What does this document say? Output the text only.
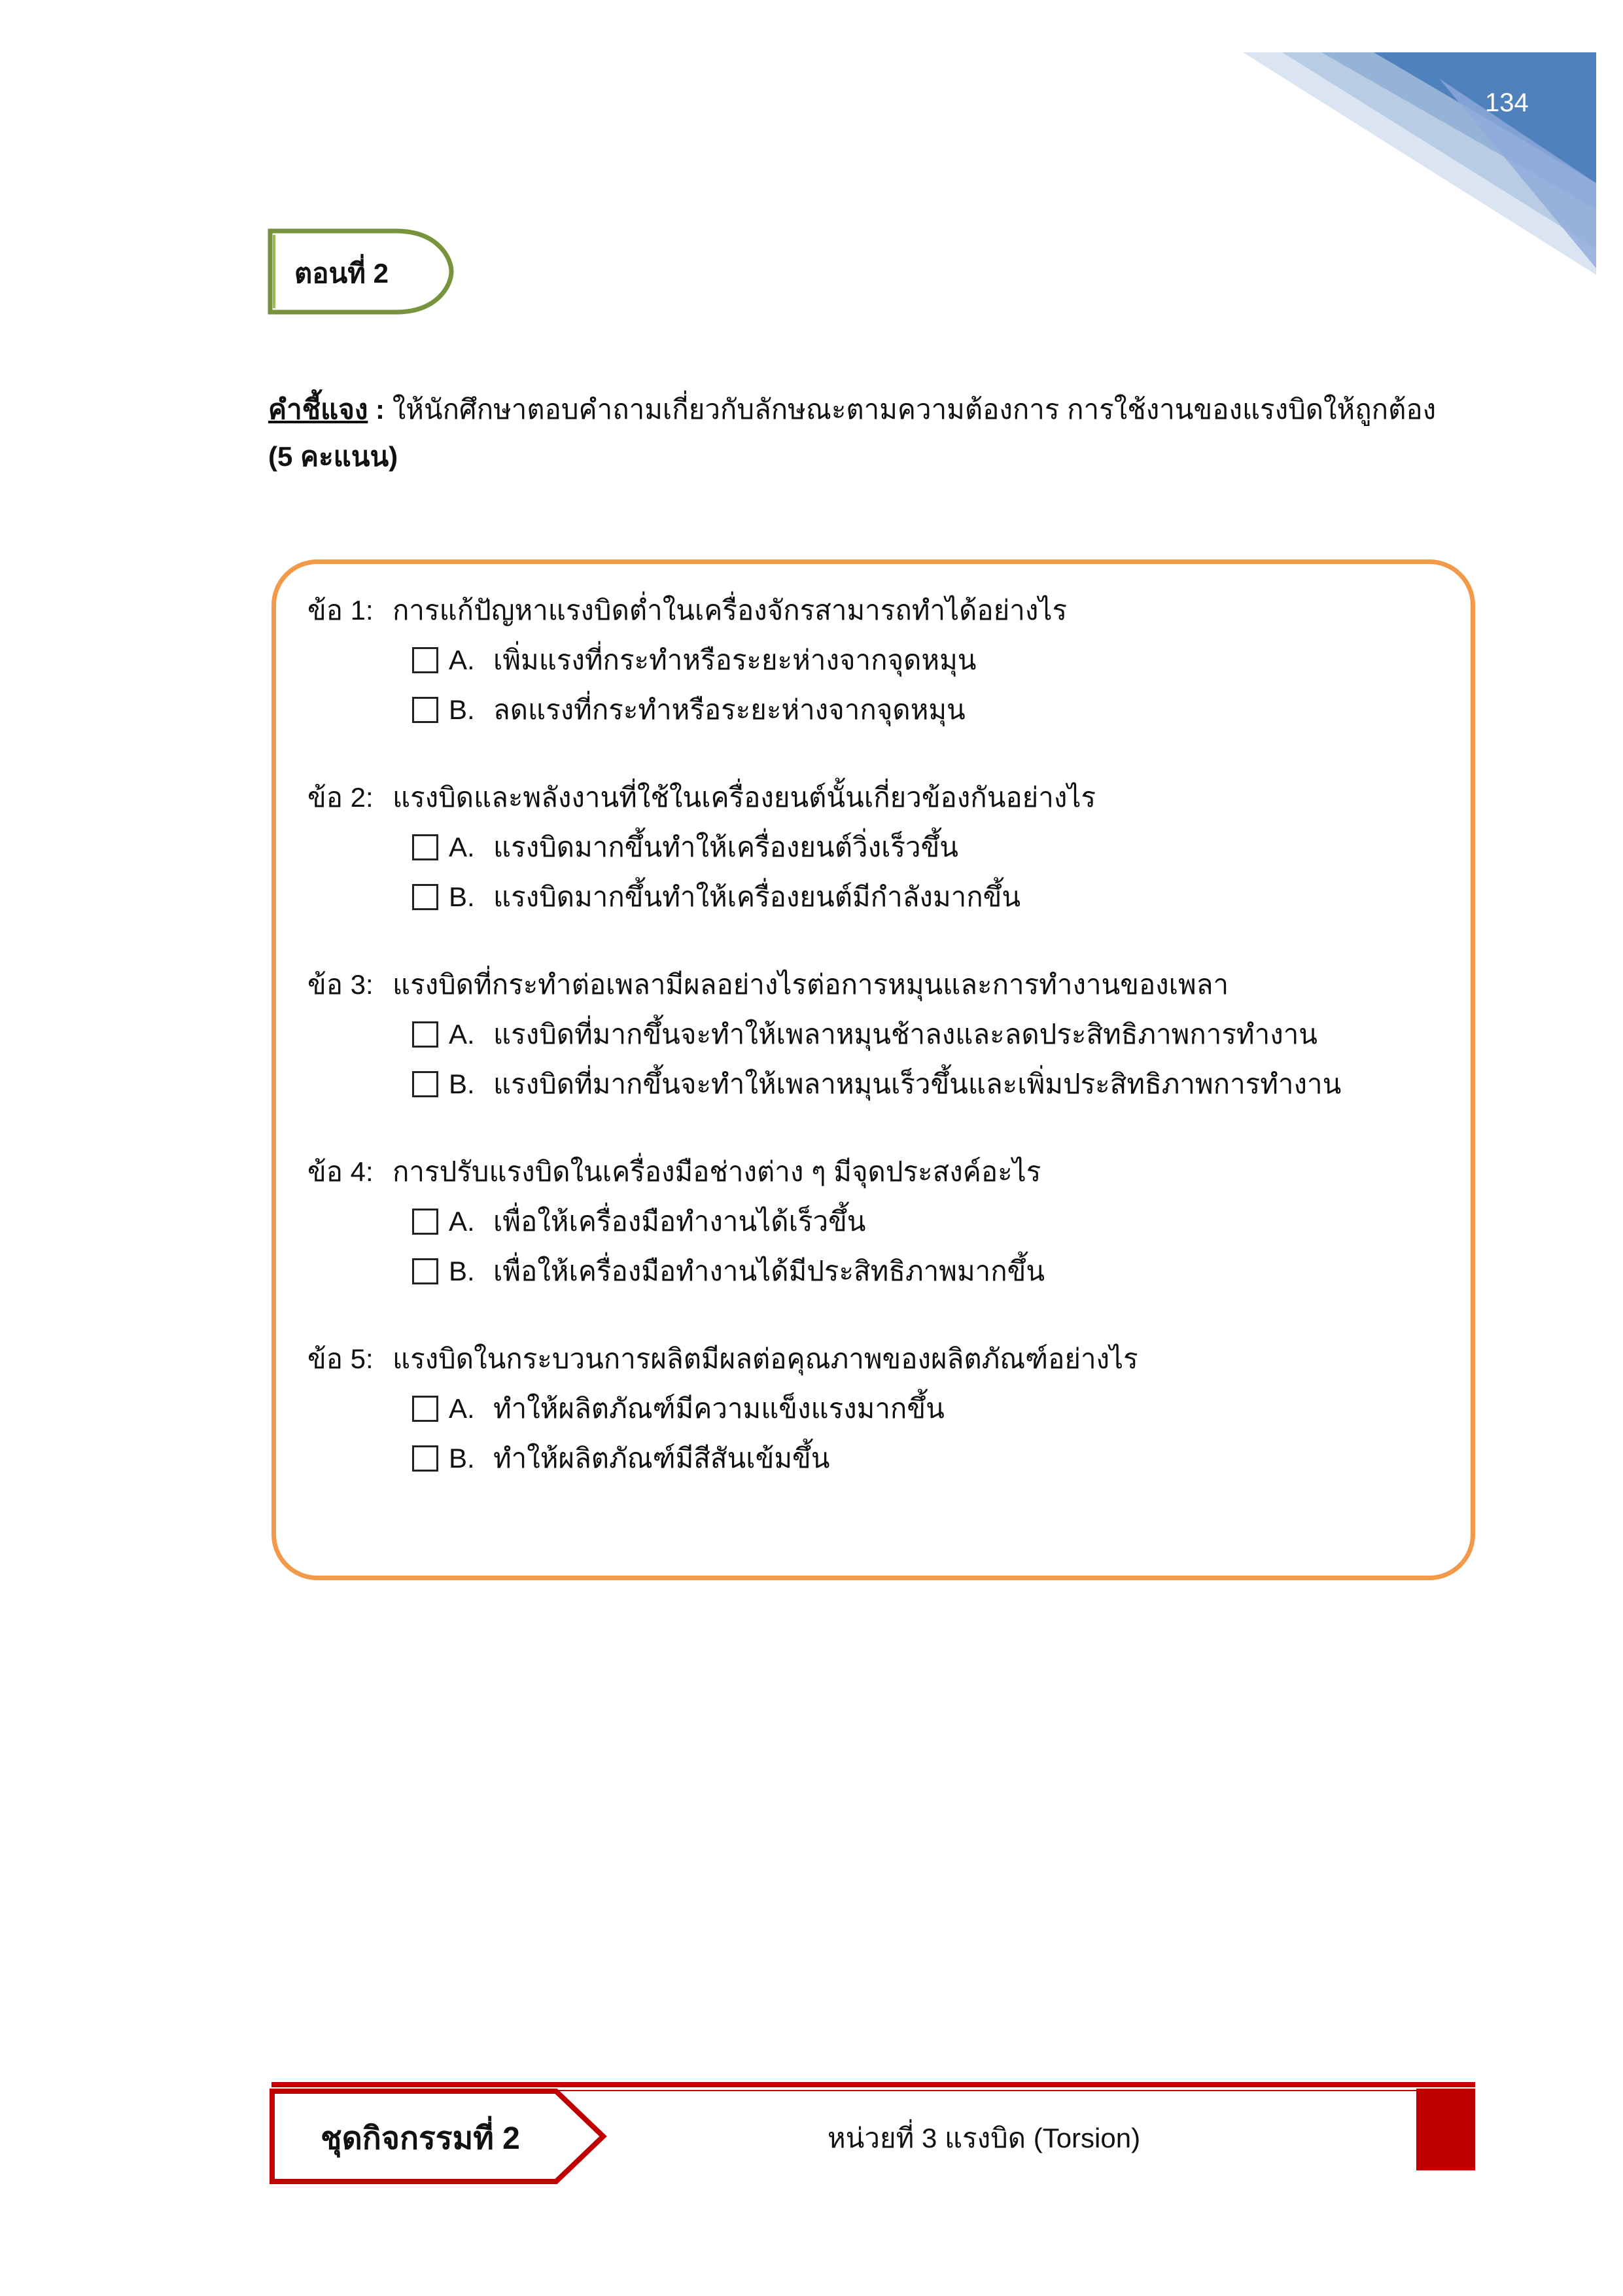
134
ตอนที่ 2
คำชี้แจง : ให้นักศึกษาตอบคำถามเกี่ยวกับลักษณะตามความต้องการ การใช้งานของแรงบิดให้ถูกต้อง
(5 คะแนน)
ข้อ 1: การแก้ปัญหาแรงบิดต่ำในเครื่องจักรสามารถทำได้อย่างไร
A. เพิ่มแรงที่กระทำหรือระยะห่างจากจุดหมุน
B. ลดแรงที่กระทำหรือระยะห่างจากจุดหมุน
ข้อ 2: แรงบิดและพลังงานที่ใช้ในเครื่องยนต์นั้นเกี่ยวข้องกันอย่างไร
A. แรงบิดมากขึ้นทำให้เครื่องยนต์วิ่งเร็วขึ้น
B. แรงบิดมากขึ้นทำให้เครื่องยนต์มีกำลังมากขึ้น
ข้อ 3: แรงบิดที่กระทำต่อเพลามีผลอย่างไรต่อการหมุนและการทำงานของเพลา
A. แรงบิดที่มากขึ้นจะทำให้เพลาหมุนช้าลงและลดประสิทธิภาพการทำงาน
B. แรงบิดที่มากขึ้นจะทำให้เพลาหมุนเร็วขึ้นและเพิ่มประสิทธิภาพการทำงาน
ข้อ 4: การปรับแรงบิดในเครื่องมือช่างต่าง ๆ มีจุดประสงค์อะไร
A. เพื่อให้เครื่องมือทำงานได้เร็วขึ้น
B. เพื่อให้เครื่องมือทำงานได้มีประสิทธิภาพมากขึ้น
ข้อ 5: แรงบิดในกระบวนการผลิตมีผลต่อคุณภาพของผลิตภัณฑ์อย่างไร
A. ทำให้ผลิตภัณฑ์มีความแข็งแรงมากขึ้น
B. ทำให้ผลิตภัณฑ์มีสีสันเข้มขึ้น
ชุดกิจกรรมที่ 2	หน่วยที่ 3 แรงบิด (Torsion)
